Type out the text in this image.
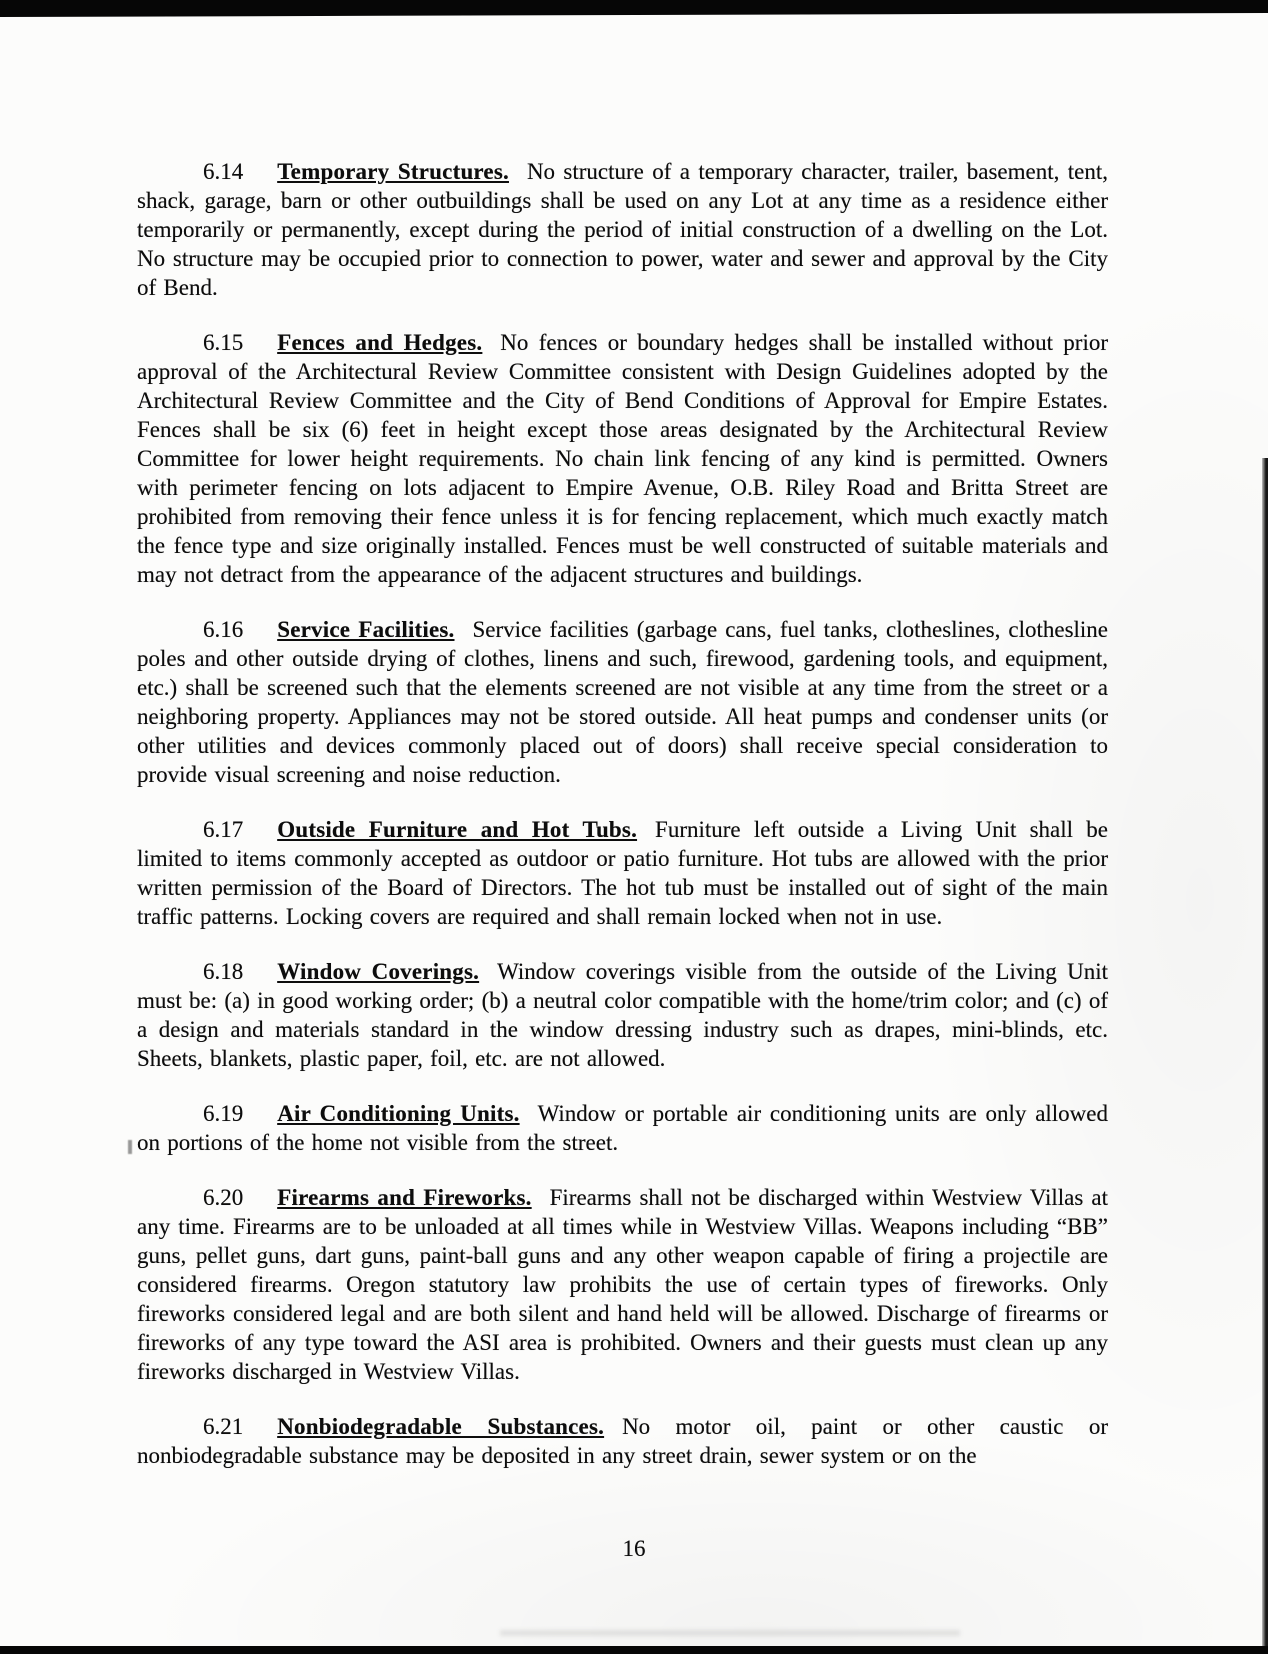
6.14 Temporary Structures. No structure of a temporary character, trailer, basement, tent, shack, garage, barn or other outbuildings shall be used on any Lot at any time as a residence either temporarily or permanently, except during the period of initial construction of a dwelling on the Lot. No structure may be occupied prior to connection to power, water and sewer and approval by the City of Bend.

6.15 Fences and Hedges. No fences or boundary hedges shall be installed without prior approval of the Architectural Review Committee consistent with Design Guidelines adopted by the Architectural Review Committee and the City of Bend Conditions of Approval for Empire Estates. Fences shall be six (6) feet in height except those areas designated by the Architectural Review Committee for lower height requirements. No chain link fencing of any kind is permitted. Owners with perimeter fencing on lots adjacent to Empire Avenue, O.B. Riley Road and Britta Street are prohibited from removing their fence unless it is for fencing replacement, which much exactly match the fence type and size originally installed. Fences must be well constructed of suitable materials and may not detract from the appearance of the adjacent structures and buildings.

6.16 Service Facilities. Service facilities (garbage cans, fuel tanks, clotheslines, clothesline poles and other outside drying of clothes, linens and such, firewood, gardening tools, and equipment, etc.) shall be screened such that the elements screened are not visible at any time from the street or a neighboring property. Appliances may not be stored outside. All heat pumps and condenser units (or other utilities and devices commonly placed out of doors) shall receive special consideration to provide visual screening and noise reduction.

6.17 Outside Furniture and Hot Tubs. Furniture left outside a Living Unit shall be limited to items commonly accepted as outdoor or patio furniture. Hot tubs are allowed with the prior written permission of the Board of Directors. The hot tub must be installed out of sight of the main traffic patterns. Locking covers are required and shall remain locked when not in use.

6.18 Window Coverings. Window coverings visible from the outside of the Living Unit must be: (a) in good working order; (b) a neutral color compatible with the home/trim color; and (c) of a design and materials standard in the window dressing industry such as drapes, mini-blinds, etc. Sheets, blankets, plastic paper, foil, etc. are not allowed.

6.19 Air Conditioning Units. Window or portable air conditioning units are only allowed on portions of the home not visible from the street.

6.20 Firearms and Fireworks. Firearms shall not be discharged within Westview Villas at any time. Firearms are to be unloaded at all times while in Westview Villas. Weapons including “BB” guns, pellet guns, dart guns, paint-ball guns and any other weapon capable of firing a projectile are considered firearms. Oregon statutory law prohibits the use of certain types of fireworks. Only fireworks considered legal and are both silent and hand held will be allowed. Discharge of firearms or fireworks of any type toward the ASI area is prohibited. Owners and their guests must clean up any fireworks discharged in Westview Villas.

6.21 Nonbiodegradable Substances. No motor oil, paint or other caustic or nonbiodegradable substance may be deposited in any street drain, sewer system or on the

16
